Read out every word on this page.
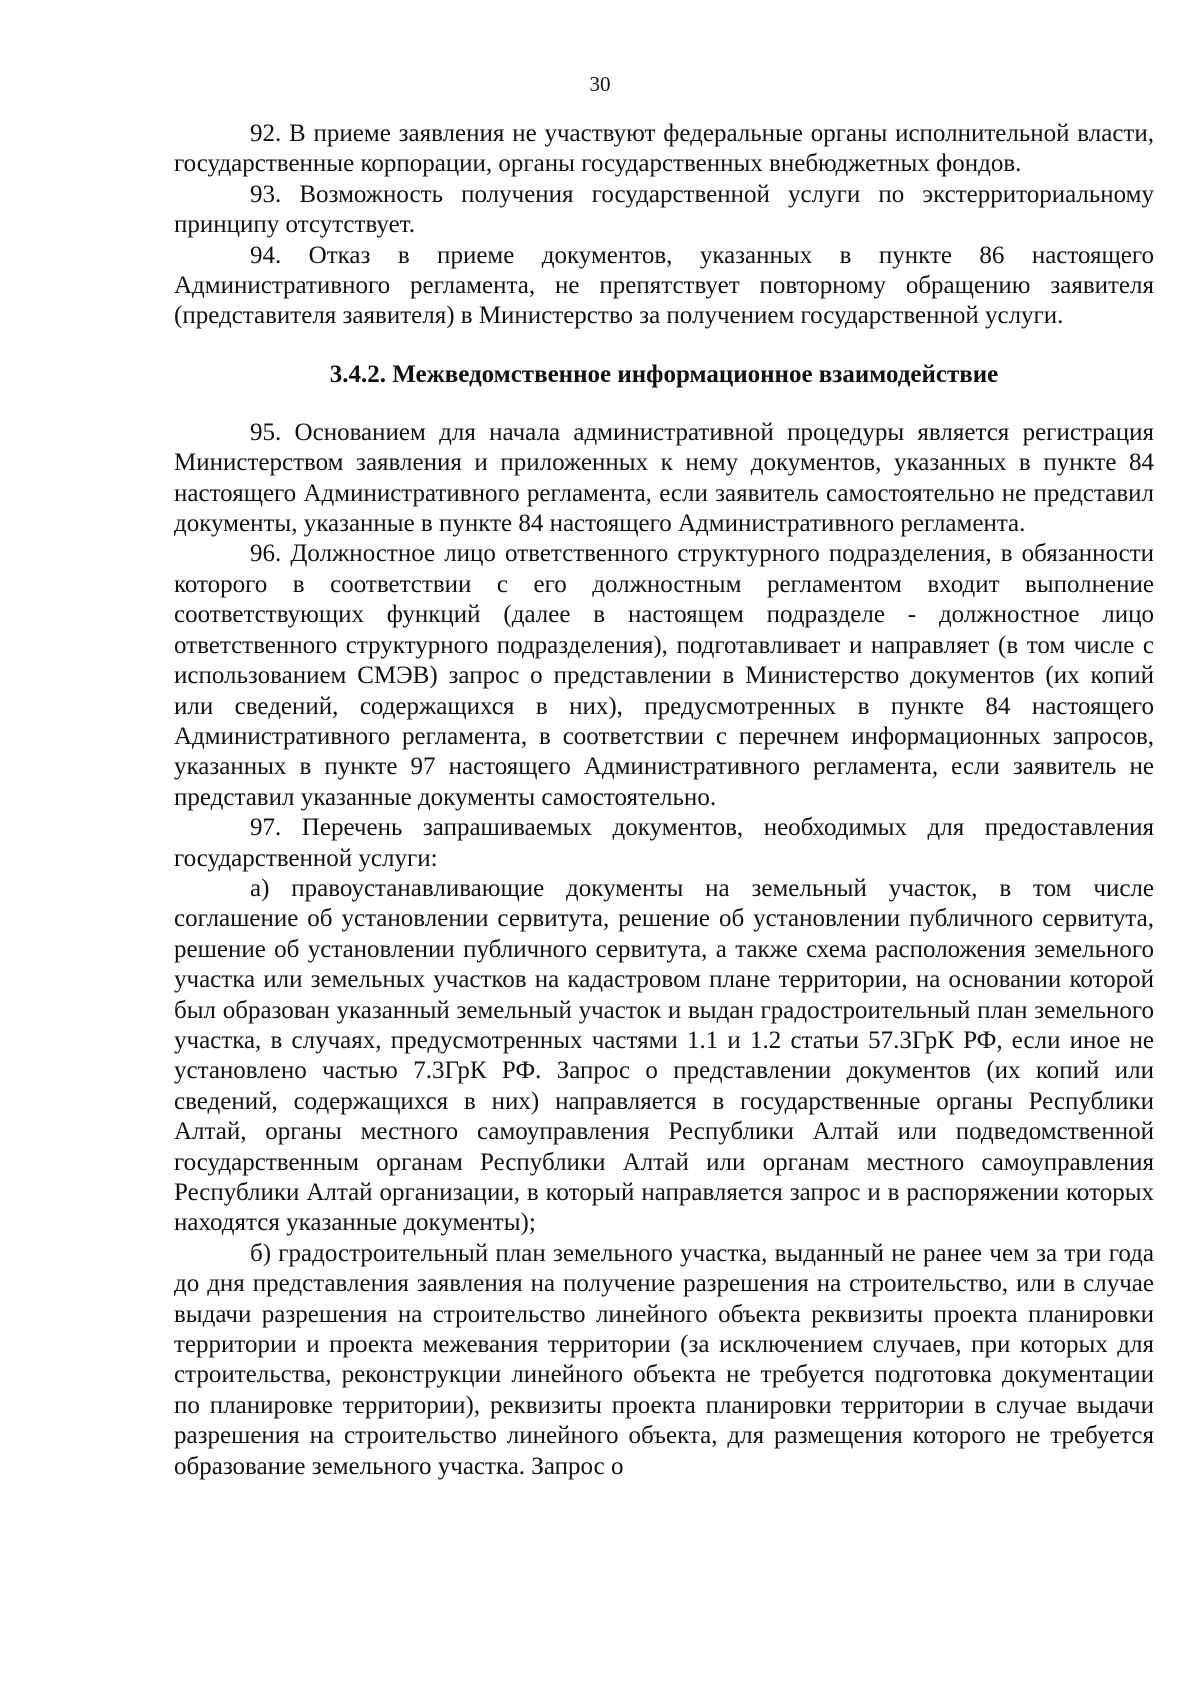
30

92. В приеме заявления не участвуют федеральные органы исполнительной власти, государственные корпорации, органы государственных внебюджетных фондов.

93. Возможность получения государственной услуги по экстерриториальному принципу отсутствует.

94. Отказ в приеме документов, указанных в пункте 86 настоящего Административного регламента, не препятствует повторному обращению заявителя (представителя заявителя) в Министерство за получением государственной услуги.

3.4.2. Межведомственное информационное взаимодействие

95. Основанием для начала административной процедуры является регистрация Министерством заявления и приложенных к нему документов, указанных в пункте 84 настоящего Административного регламента, если заявитель самостоятельно не представил документы, указанные в пункте 84 настоящего Административного регламента.

96. Должностное лицо ответственного структурного подразделения, в обязанности которого в соответствии с его должностным регламентом входит выполнение соответствующих функций (далее в настоящем подразделе - должностное лицо ответственного структурного подразделения), подготавливает и направляет (в том числе с использованием СМЭВ) запрос о представлении в Министерство документов (их копий или сведений, содержащихся в них), предусмотренных в пункте 84 настоящего Административного регламента, в соответствии с перечнем информационных запросов, указанных в пункте 97 настоящего Административного регламента, если заявитель не представил указанные документы самостоятельно.

97. Перечень запрашиваемых документов, необходимых для предоставления государственной услуги:

а) правоустанавливающие документы на земельный участок, в том числе соглашение об установлении сервитута, решение об установлении публичного сервитута, решение об установлении публичного сервитута, а также схема расположения земельного участка или земельных участков на кадастровом плане территории, на основании которой был образован указанный земельный участок и выдан градостроительный план земельного участка, в случаях, предусмотренных частями 1.1 и 1.2 статьи 57.3ГрК РФ, если иное не установлено частью 7.3ГрК РФ. Запрос о представлении документов (их копий или сведений, содержащихся в них) направляется в государственные органы Республики Алтай, органы местного самоуправления Республики Алтай или подведомственной государственным органам Республики Алтай или органам местного самоуправления Республики Алтай организации, в который направляется запрос и в распоряжении которых находятся указанные документы);

б) градостроительный план земельного участка, выданный не ранее чем за три года до дня представления заявления на получение разрешения на строительство, или в случае выдачи разрешения на строительство линейного объекта реквизиты проекта планировки территории и проекта межевания территории (за исключением случаев, при которых для строительства, реконструкции линейного объекта не требуется подготовка документации по планировке территории), реквизиты проекта планировки территории в случае выдачи разрешения на строительство линейного объекта, для размещения которого не требуется образование земельного участка. Запрос о
